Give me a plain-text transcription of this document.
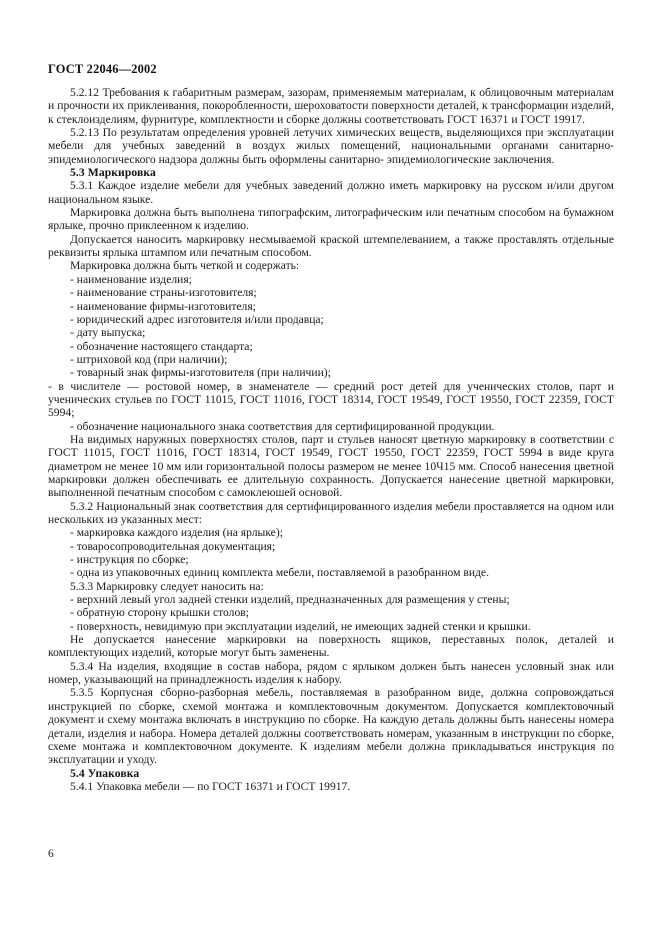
ГОСТ 22046—2002

5.2.12 Требования к габаритным размерам, зазорам, применяемым материалам, к облицовочным материалам и прочности их приклеивания, покоробленности, шероховатости поверхности деталей, к трансформации изделий, к стеклоизделиям, фурнитуре, комплектности и сборке должны соответствовать ГОСТ 16371 и ГОСТ 19917.

5.2.13 По результатам определения уровней летучих химических веществ, выделяющихся при эксплуатации мебели для учебных заведений в воздух жилых помещений, национальными органами санитарно-эпидемиологического надзора должны быть оформлены санитарно- эпидемиологические заключения.

5.3 Маркировка

5.3.1 Каждое изделие мебели для учебных заведений должно иметь маркировку на русском и/или другом национальном языке.

Маркировка должна быть выполнена типографским, литографическим или печатным способом на бумажном ярлыке, прочно приклеенном к изделию.

Допускается наносить маркировку несмываемой краской штемпелеванием, а также проставлять отдельные реквизиты ярлыка штампом или печатным способом.

Маркировка должна быть четкой и содержать:

- наименование изделия;

- наименование страны-изготовителя;

- наименование фирмы-изготовителя;

- юридический адрес изготовителя и/или продавца;

- дату выпуска;

- обозначение настоящего стандарта;

- штриховой код (при наличии);

- товарный знак фирмы-изготовителя (при наличии);

- в числителе — ростовой номер, в знаменателе — средний рост детей для ученических столов, парт и ученических стульев по ГОСТ 11015, ГОСТ 11016, ГОСТ 18314, ГОСТ 19549, ГОСТ 19550, ГОСТ 22359, ГОСТ 5994;

- обозначение национального знака соответствия для сертифицированной продукции.

На видимых наружных поверхностях столов, парт и стульев наносят цветную маркировку в соответствии с ГОСТ 11015, ГОСТ 11016, ГОСТ 18314, ГОСТ 19549, ГОСТ 19550, ГОСТ 22359, ГОСТ 5994 в виде круга диаметром не менее 10 мм или горизонтальной полосы размером не менее 10Ч15 мм. Способ нанесения цветной маркировки должен обеспечивать ее длительную сохранность. Допускается нанесение цветной маркировки, выполненной печатным способом с самоклеюшей основой.

5.3.2 Национальный знак соответствия для сертифицированного изделия мебели проставляется на одном или нескольких из указанных мест:

- маркировка каждого изделия (на ярлыке);

- товаросопроводительная документация;

- инструкция по сборке;

- одна из упаковочных единиц комплекта мебели, поставляемой в разобранном виде.

5.3.3 Маркировку следует наносить на:

- верхний левый угол задней стенки изделий, предназначенных для размещения у стены;

- обратную сторону крышки столов;

- поверхность, невидимую при эксплуатации изделий, не имеющих задней стенки и крышки.

Не допускается нанесение маркировки на поверхность ящиков, переставных полок, деталей и комплектующих изделий, которые могут быть заменены.

5.3.4 На изделия, входящие в состав набора, рядом с ярлыком должен быть нанесен условный знак или номер, указывающий на принадлежность изделия к набору.

5.3.5 Корпусная сборно-разборная мебель, поставляемая в разобранном виде, должна сопровождаться инструкцией по сборке, схемой монтажа и комплектовочным документом. Допускается комплектовочный документ и схему монтажа включать в инструкцию по сборке. На каждую деталь должны быть нанесены номера детали, изделия и набора. Номера деталей должны соответствовать номерам, указанным в инструкции по сборке, схеме монтажа и комплектовочном документе. К изделиям мебели должна прикладываться инструкция по эксплуатации и уходу.

5.4 Упаковка

5.4.1 Упаковка мебели — по ГОСТ 16371 и ГОСТ 19917.

6
